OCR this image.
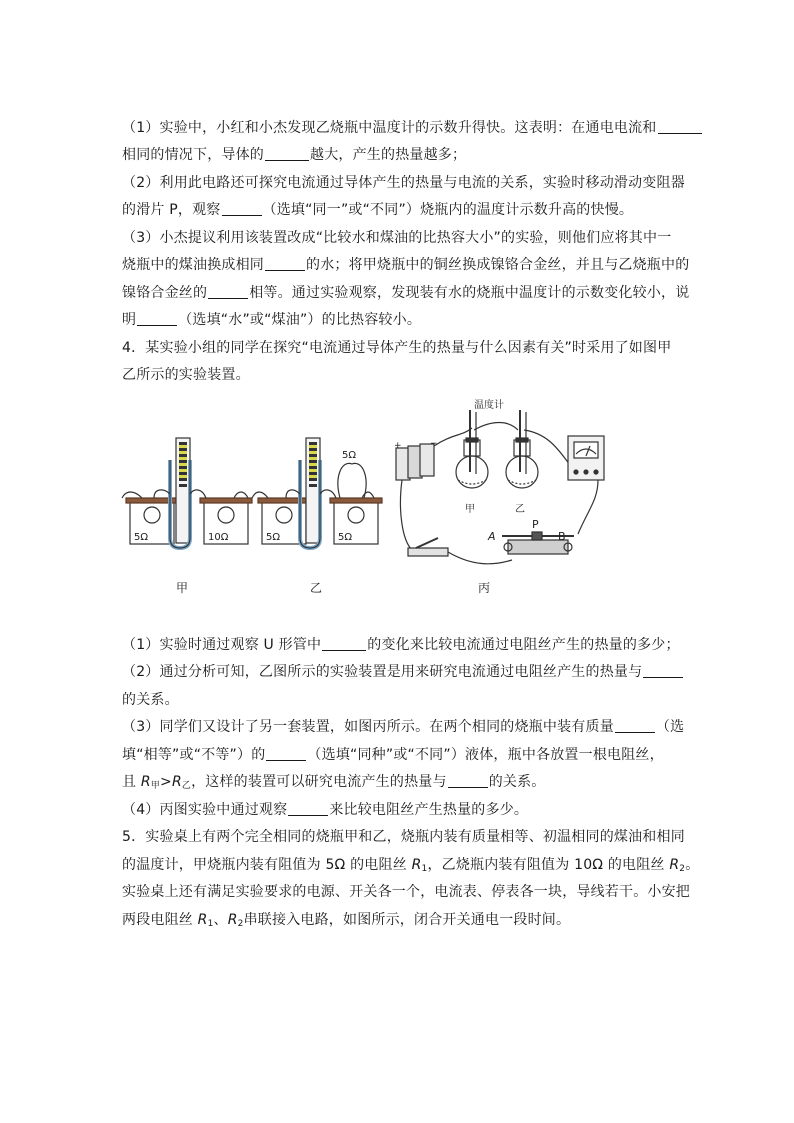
（1）实验中，小红和小杰发现乙烧瓶中温度计的示数升得快。这表明：在通电电流和
相同的情况下，导体的	越大，产生的热量越多；
（2）利用此电路还可探究电流通过导体产生的热量与电流的关系，实验时移动滑动变阻器
的滑片 P，观察	（选填“同一”或“不同”）烧瓶内的温度计示数升高的快慢。
（3）小杰提议利用该装置改成“比较水和煤油的比热容大小”的实验，则他们应将其中一
烧瓶中的煤油换成相同	的水；将甲烧瓶中的铜丝换成镍铬合金丝，并且与乙烧瓶中的
镍铬合金丝的	相等。通过实验观察，发现装有水的烧瓶中温度计的示数变化较小，说
明	（选填“水”或“煤油”）的比热容较小。
4．某实验小组的同学在探究“电流通过导体产生的热量与什么因素有关”时采用了如图甲
乙所示的实验装置。
5Ω	10Ω
5Ω
5Ω	5Ω
+	−
温度计
甲	乙
A	B
P
甲	乙	丙
（1）实验时通过观察 U 形管中	的变化来比较电流通过电阻丝产生的热量的多少；
（2）通过分析可知，乙图所示的实验装置是用来研究电流通过电阻丝产生的热量与
的关系。
（3）同学们又设计了另一套装置，如图丙所示。在两个相同的烧瓶中装有质量	（选
填“相等”或“不等”）的	（选填“同种”或“不同”）液体，瓶中各放置一根电阻丝，
且 $R_甲>R_乙$，这样的装置可以研究电流产生的热量与	的关系。
（4）丙图实验中通过观察	来比较电阻丝产生热量的多少。
5．实验桌上有两个完全相同的烧瓶甲和乙，烧瓶内装有质量相等、初温相同的煤油和相同
的温度计，甲烧瓶内装有阻值为 5Ω 的电阻丝 $R_1$，乙烧瓶内装有阻值为 10Ω 的电阻丝 $R_2$。
实验桌上还有满足实验要求的电源、开关各一个，电流表、停表各一块，导线若干。小安把
两段电阻丝 $R_1$、$R_2$串联接入电路，如图所示，闭合开关通电一段时间。
